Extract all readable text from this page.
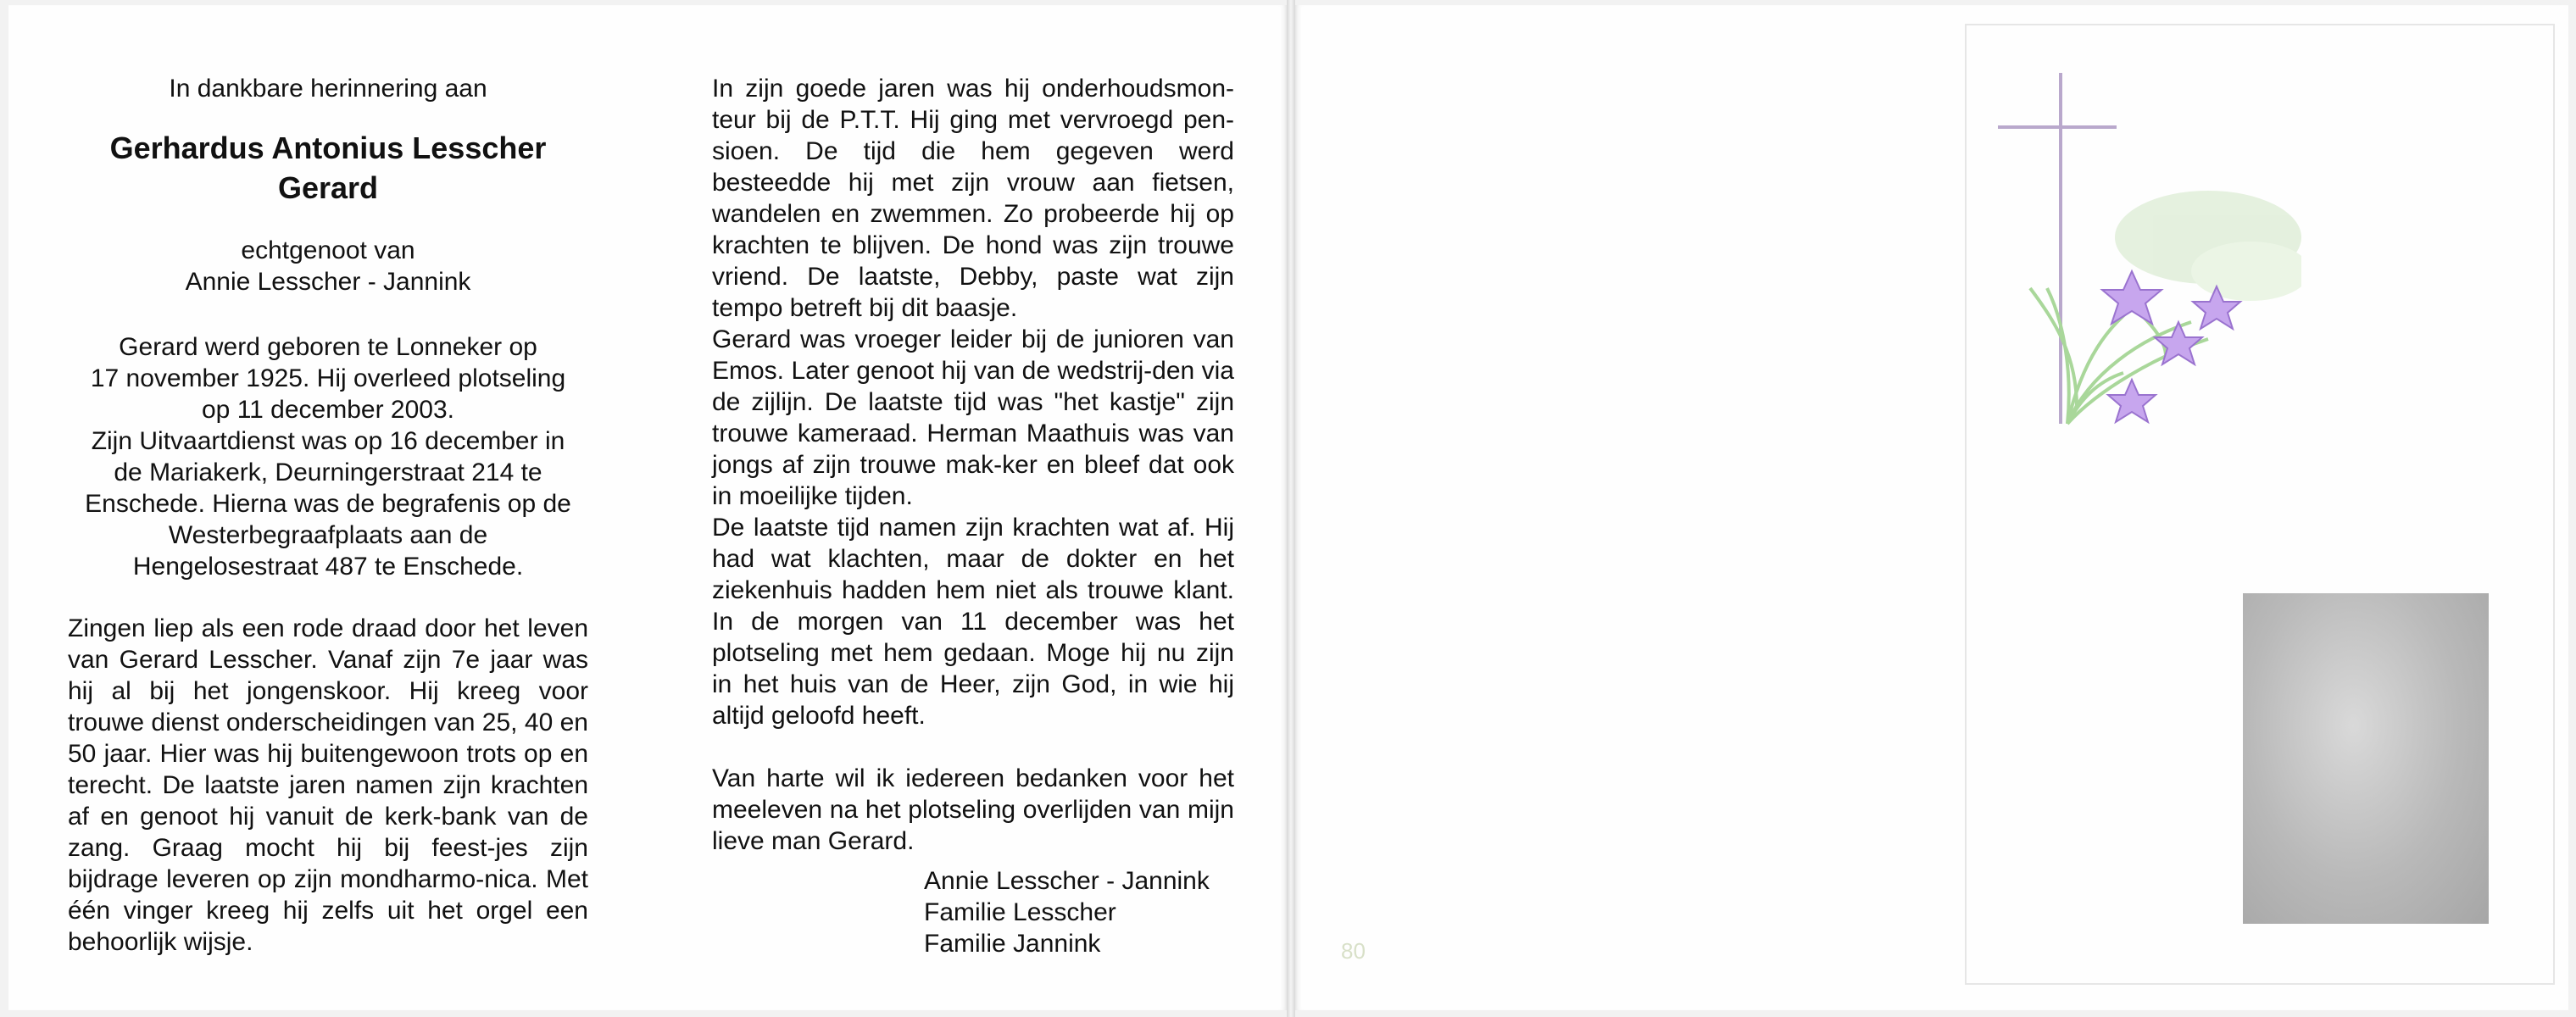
In dankbare herinnering aan
Gerhardus Antonius Lesscher
Gerard
echtgenoot van
Annie Lesscher - Jannink
Gerard werd geboren te Lonneker op
17 november 1925. Hij overleed plotseling
op 11 december 2003.
Zijn Uitvaartdienst was op 16 december in
de Mariakerk, Deurningerstraat 214 te
Enschede. Hierna was de begrafenis op de
Westerbegraafplaats aan de
Hengelosestraat 487 te Enschede.
Zingen liep als een rode draad door het leven van Gerard Lesscher. Vanaf zijn 7e jaar was hij al bij het jongenskoor. Hij kreeg voor trouwe dienst onderscheidingen van 25, 40 en 50 jaar. Hier was hij buitengewoon trots op en terecht. De laatste jaren namen zijn krachten af en genoot hij vanuit de kerk-bank van de zang. Graag mocht hij bij feest-jes zijn bijdrage leveren op zijn mondharmo-nica. Met één vinger kreeg hij zelfs uit het orgel een behoorlijk wijsje.

In zijn goede jaren was hij onderhoudsmon-teur bij de P.T.T. Hij ging met vervroegd pen-sioen. De tijd die hem gegeven werd besteedde hij met zijn vrouw aan fietsen, wandelen en zwemmen. Zo probeerde hij op krachten te blijven. De hond was zijn trouwe vriend. De laatste, Debby, paste wat zijn tempo betreft bij dit baasje.

Gerard was vroeger leider bij de junioren van Emos. Later genoot hij van de wedstrij-den via de zijlijn. De laatste tijd was "het kastje" zijn trouwe kameraad. Herman Maathuis was van jongs af zijn trouwe mak-ker en bleef dat ook in moeilijke tijden.

De laatste tijd namen zijn krachten wat af. Hij had wat klachten, maar de dokter en het ziekenhuis hadden hem niet als trouwe klant. In de morgen van 11 december was het plotseling met hem gedaan. Moge hij nu zijn in het huis van de Heer, zijn God, in wie hij altijd geloofd heeft.

Van harte wil ik iedereen bedanken voor het meeleven na het plotseling overlijden van mijn lieve man Gerard.

Annie Lesscher - Jannink
Familie Lesscher
Familie Jannink	80
